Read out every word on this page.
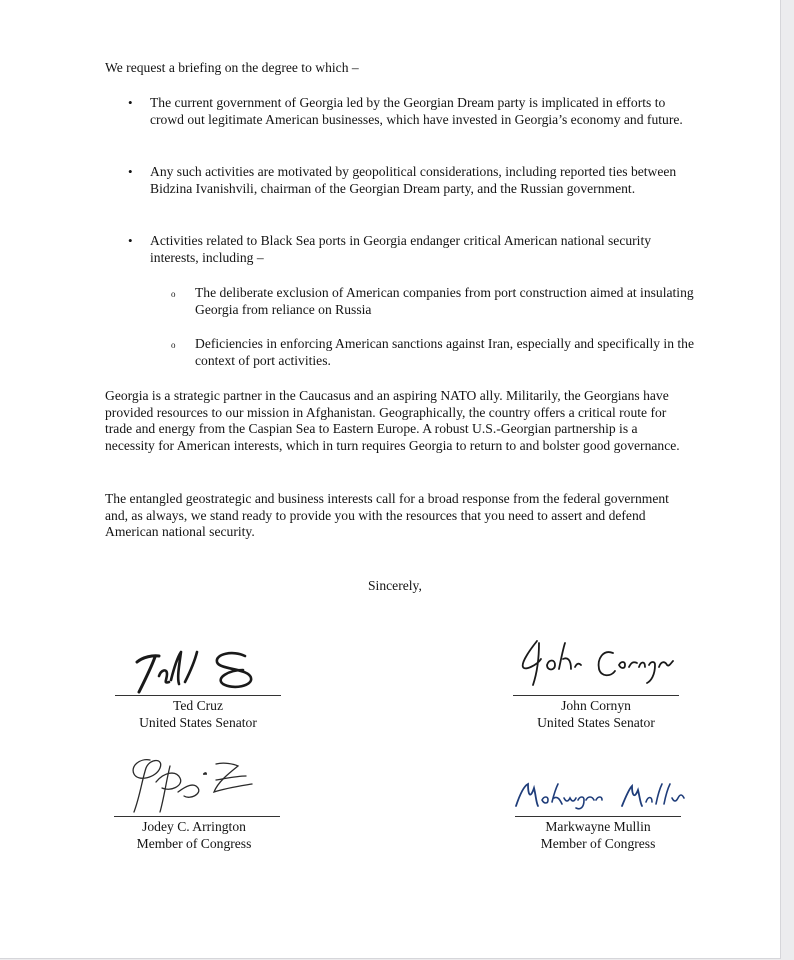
We request a briefing on the degree to which –
• The current government of Georgia led by the Georgian Dream party is implicated in efforts to crowd out legitimate American businesses, which have invested in Georgia’s economy and future.
• Any such activities are motivated by geopolitical considerations, including reported ties between Bidzina Ivanishvili, chairman of the Georgian Dream party, and the Russian government.
• Activities related to Black Sea ports in Georgia endanger critical American national security interests, including –
o The deliberate exclusion of American companies from port construction aimed at insulating Georgia from reliance on Russia
o Deficiencies in enforcing American sanctions against Iran, especially and specifically in the context of port activities.
Georgia is a strategic partner in the Caucasus and an aspiring NATO ally. Militarily, the Georgians have provided resources to our mission in Afghanistan. Geographically, the country offers a critical route for trade and energy from the Caspian Sea to Eastern Europe. A robust U.S.-Georgian partnership is a necessity for American interests, which in turn requires Georgia to return to and bolster good governance.
The entangled geostrategic and business interests call for a broad response from the federal government and, as always, we stand ready to provide you with the resources that you need to assert and defend American national security.
Sincerely,
Ted Cruz
United States Senator
John Cornyn
United States Senator
Jodey C. Arrington
Member of Congress
Markwayne Mullin
Member of Congress
